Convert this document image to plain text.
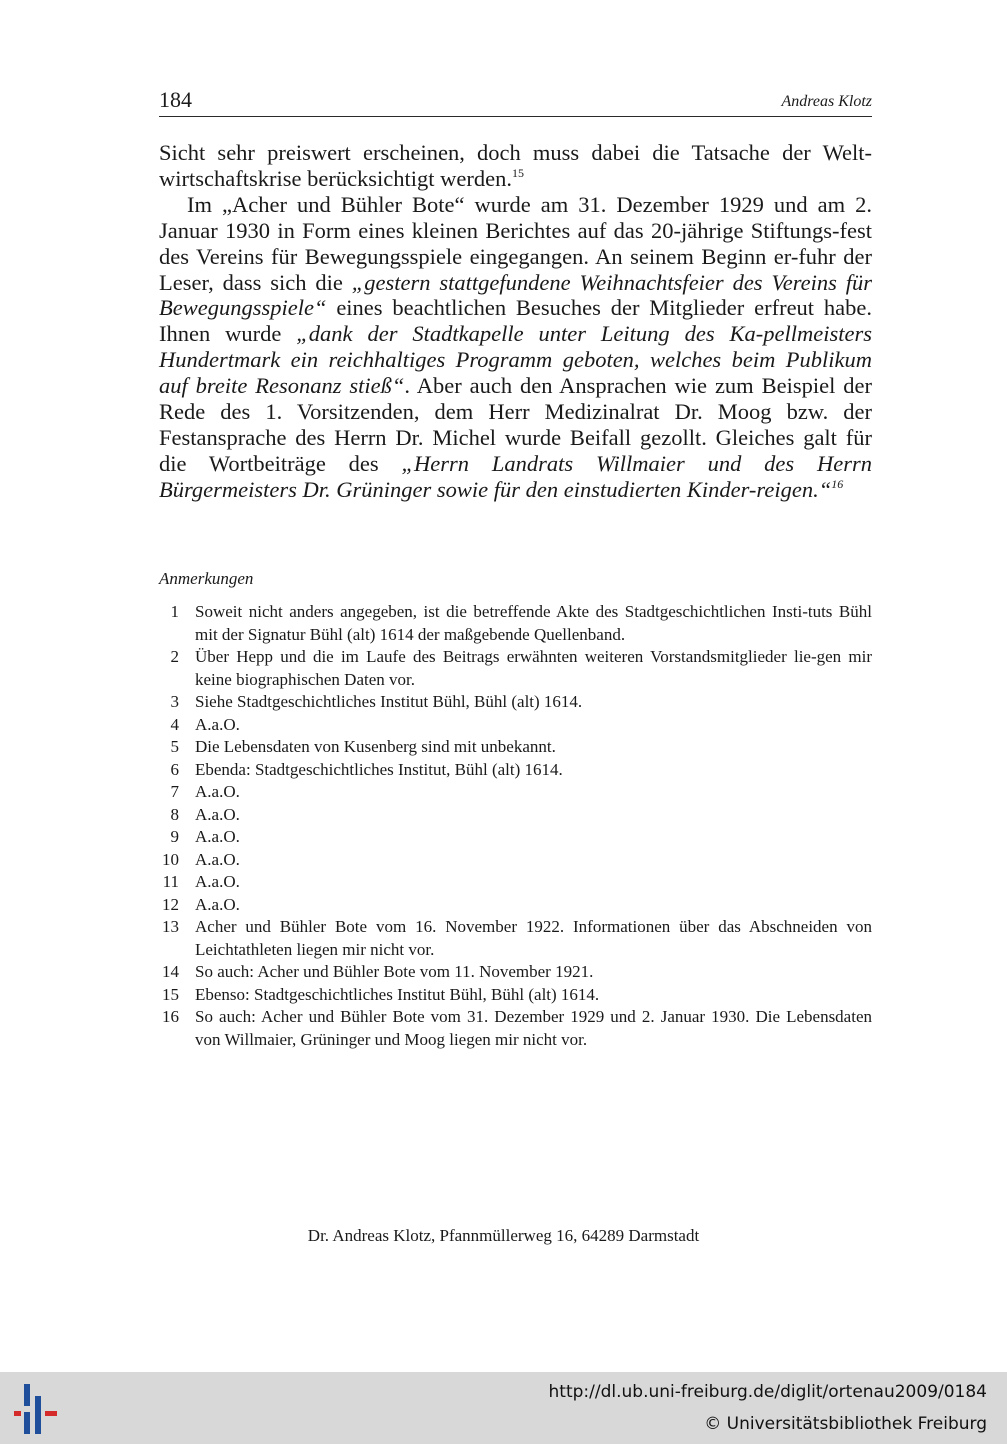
184	Andreas Klotz

Sicht sehr preiswert erscheinen, doch muss dabei die Tatsache der Welt-wirtschaftskrise berücksichtigt werden.$^{15}$

Im „Acher und Bühler Bote“ wurde am 31. Dezember 1929 und am 2. Januar 1930 in Form eines kleinen Berichtes auf das 20-jährige Stiftungs-fest des Vereins für Bewegungsspiele eingegangen. An seinem Beginn er-fuhr der Leser, dass sich die „gestern stattgefundene Weihnachtsfeier des Vereins für Bewegungsspiele“ eines beachtlichen Besuches der Mitglieder erfreut habe. Ihnen wurde „dank der Stadtkapelle unter Leitung des Ka-pellmeisters Hundertmark ein reichhaltiges Programm geboten, welches beim Publikum auf breite Resonanz stieß“. Aber auch den Ansprachen wie zum Beispiel der Rede des 1. Vorsitzenden, dem Herr Medizinalrat Dr. Moog bzw. der Festansprache des Herrn Dr. Michel wurde Beifall gezollt. Gleiches galt für die Wortbeiträge des „Herrn Landrats Willmaier und des Herrn Bürgermeisters Dr. Grüninger sowie für den einstudierten Kinder-reigen.“$^{16}$

Anmerkungen
1 Soweit nicht anders angegeben, ist die betreffende Akte des Stadtgeschichtlichen Insti-tuts Bühl mit der Signatur Bühl (alt) 1614 der maßgebende Quellenband.
2 Über Hepp und die im Laufe des Beitrags erwähnten weiteren Vorstandsmitglieder lie-gen mir keine biographischen Daten vor.
3 Siehe Stadtgeschichtliches Institut Bühl, Bühl (alt) 1614.
4 A.a.O.
5 Die Lebensdaten von Kusenberg sind mit unbekannt.
6 Ebenda: Stadtgeschichtliches Institut, Bühl (alt) 1614.
7 A.a.O.
8 A.a.O.
9 A.a.O.
10 A.a.O.
11 A.a.O.
12 A.a.O.
13 Acher und Bühler Bote vom 16. November 1922. Informationen über das Abschneiden von Leichtathleten liegen mir nicht vor.
14 So auch: Acher und Bühler Bote vom 11. November 1921.
15 Ebenso: Stadtgeschichtliches Institut Bühl, Bühl (alt) 1614.
16 So auch: Acher und Bühler Bote vom 31. Dezember 1929 und 2. Januar 1930. Die Lebensdaten von Willmaier, Grüninger und Moog liegen mir nicht vor.
Dr. Andreas Klotz, Pfannmüllerweg 16, 64289 Darmstadt
http://dl.ub.uni-freiburg.de/diglit/ortenau2009/0184
© Universitätsbibliothek Freiburg
